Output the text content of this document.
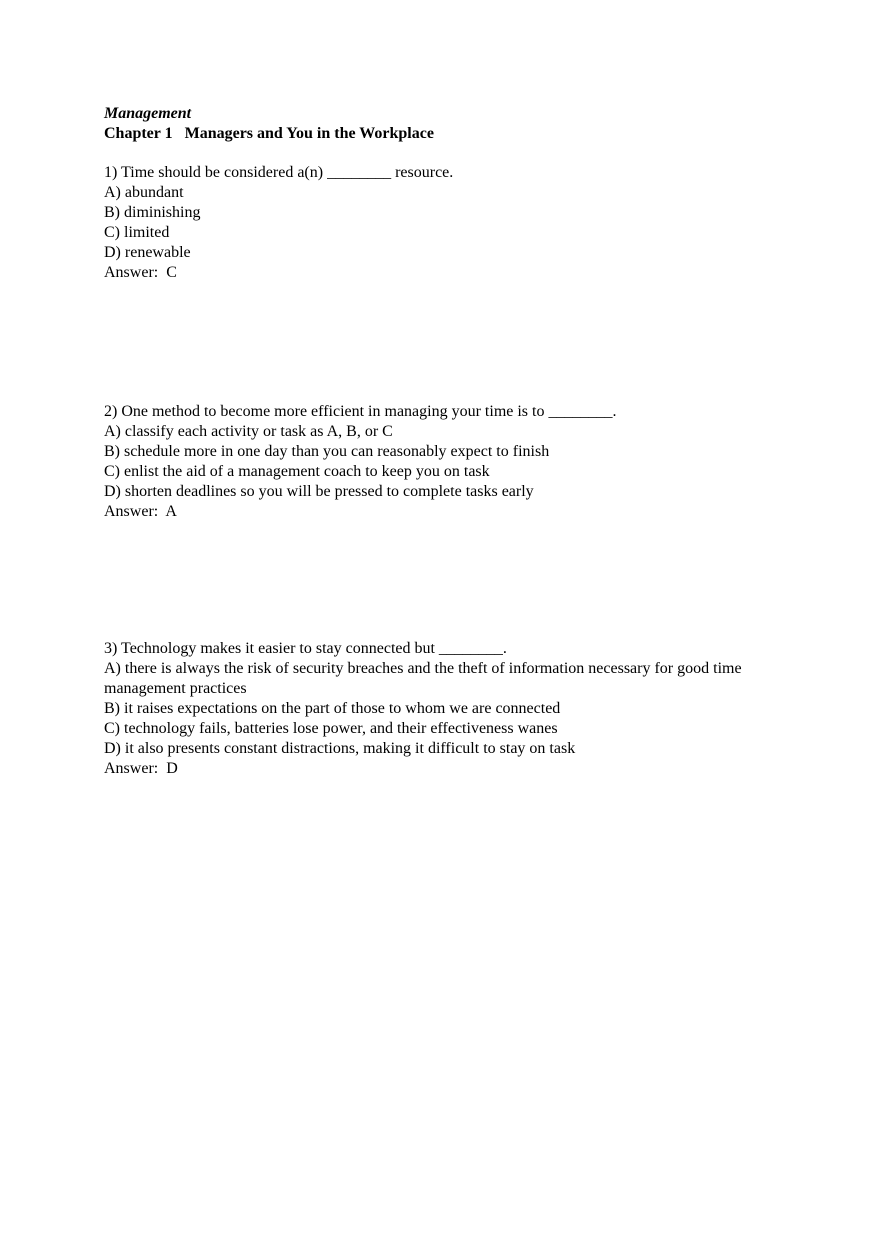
Management
Chapter 1   Managers and You in the Workplace
1) Time should be considered a(n) ________ resource.
A) abundant
B) diminishing
C) limited
D) renewable
Answer:  C
2) One method to become more efficient in managing your time is to ________.
A) classify each activity or task as A, B, or C
B) schedule more in one day than you can reasonably expect to finish
C) enlist the aid of a management coach to keep you on task
D) shorten deadlines so you will be pressed to complete tasks early
Answer:  A
3) Technology makes it easier to stay connected but ________.
A) there is always the risk of security breaches and the theft of information necessary for good time management practices
B) it raises expectations on the part of those to whom we are connected
C) technology fails, batteries lose power, and their effectiveness wanes
D) it also presents constant distractions, making it difficult to stay on task
Answer:  D
